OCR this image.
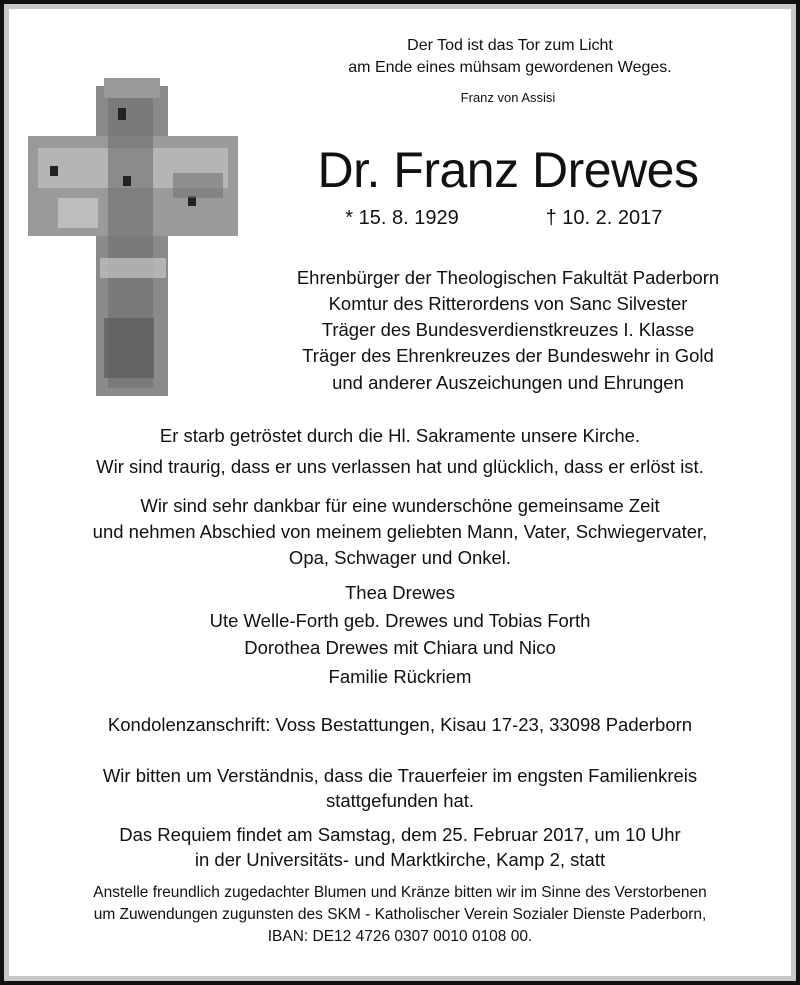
Der Tod ist das Tor zum Licht
am Ende eines mühsam gewordenen Weges.
Franz von Assisi
Dr. Franz Drewes
* 15. 8. 1929	† 10. 2. 2017
Ehrenbürger der Theologischen Fakultät Paderborn
Komtur des Ritterordens von Sanc Silvester
Träger des Bundesverdienstkreuzes I. Klasse
Träger des Ehrenkreuzes der Bundeswehr in Gold
und anderer Auszeichungen und Ehrungen
Er starb getröstet durch die Hl. Sakramente unsere Kirche.
Wir sind traurig, dass er uns verlassen hat und glücklich, dass er erlöst ist.
Wir sind sehr dankbar für eine wunderschöne gemeinsame Zeit
und nehmen Abschied von meinem geliebten Mann, Vater, Schwiegervater,
Opa, Schwager und Onkel.
Thea Drewes
Ute Welle-Forth geb. Drewes und Tobias Forth
Dorothea Drewes mit Chiara und Nico
Familie Rückriem
Kondolenzanschrift: Voss Bestattungen, Kisau 17-23, 33098 Paderborn
Wir bitten um Verständnis, dass die Trauerfeier im engsten Familienkreis
stattgefunden hat.
Das Requiem findet am Samstag, dem 25. Februar 2017, um 10 Uhr
in der Universitäts- und Marktkirche, Kamp 2, statt
Anstelle freundlich zugedachter Blumen und Kränze bitten wir im Sinne des Verstorbenen
um Zuwendungen zugunsten des SKM - Katholischer Verein Sozialer Dienste Paderborn,
IBAN: DE12 4726 0307 0010 0108 00.
